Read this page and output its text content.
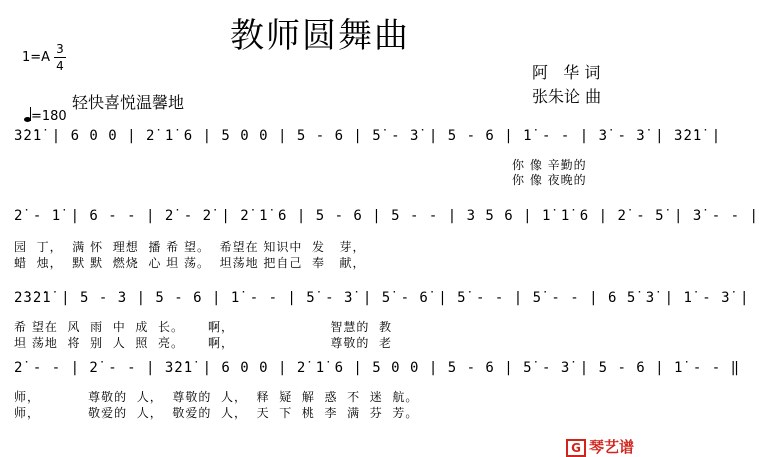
教师圆舞曲
1=A
3
4

=180

轻快喜悦温馨地
阿   华 词
张朱论 曲
3̇2̇1̇ | 6 0 0 | 2̇ 1̇ 6 | 5 0 0 | 5 - 6 | 5̇ - 3̇ | 5 - 6 | 1̇ - - | 3̇ - 3̇ | 3̇2̇1̇ |
你 像 辛勤的
你 像 夜晚的
2̇ - 1̇ | 6 - - | 2̇ - 2̇ | 2̇ 1̇ 6 | 5 - 6 | 5 - - | 3 5 6 | 1̇ 1̇ 6 | 2̇ - 5̇ | 3̇ - - |
园  丁，  满 怀  理想  播 希 望。  希望在 知识中  发   芽，
蜡  烛，  默 默  燃烧  心 坦 荡。  坦荡地 把自己  奉   献，
2̇3̇2̇1̇ | 5 - 3 | 5 - 6 | 1̇ - - | 5̇ - 3̇ | 5̇ - 6̇ | 5̇ - - | 5̇ - - | 6 5̇ 3̇ | 1̇ - 3̇ |
希 望在  风  雨  中  成  长。     啊，                    智慧的  教
坦 荡地  将  别  人  照  亮。     啊，                    尊敬的  老
2̇ - - | 2̇ - - | 3̇2̇1̇ | 6 0 0 | 2̇ 1̇ 6 | 5 0 0 | 5 - 6 | 5̇ - 3̇ | 5 - 6 | 1̇ - - ‖
师，          尊敬的  人，  尊敬的  人，  释  疑  解  惑  不  迷  航。
师，          敬爱的  人，  敬爱的  人，  天  下  桃  李  满  芬  芳。

G 琴艺谱
